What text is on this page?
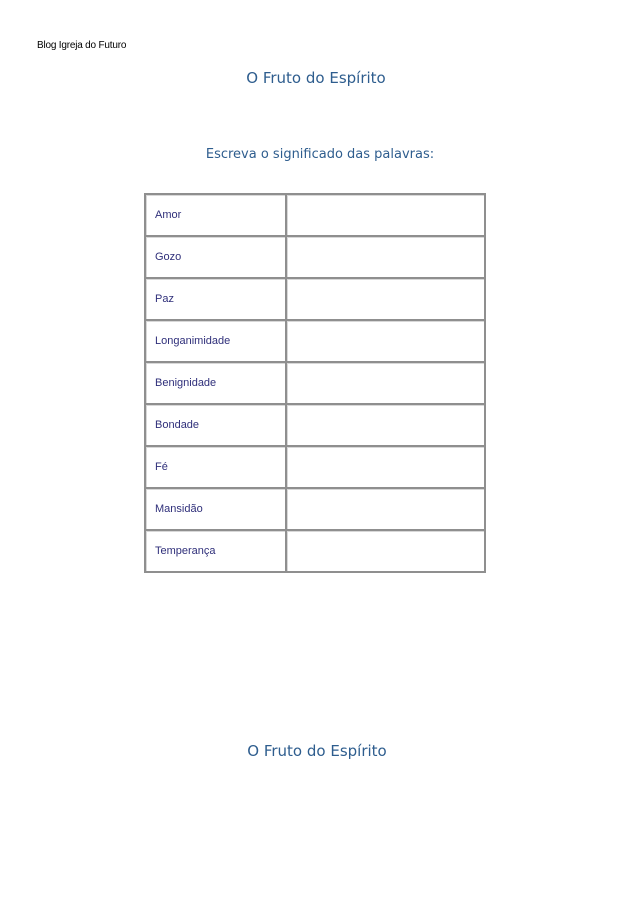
Blog Igreja do Futuro
O Fruto do Espírito
Escreva o significado das palavras:
Amor	
Gozo	
Paz	
Longanimidade	
Benignidade	
Bondade	
Fé	
Mansidão	
Temperança	
O Fruto do Espírito
